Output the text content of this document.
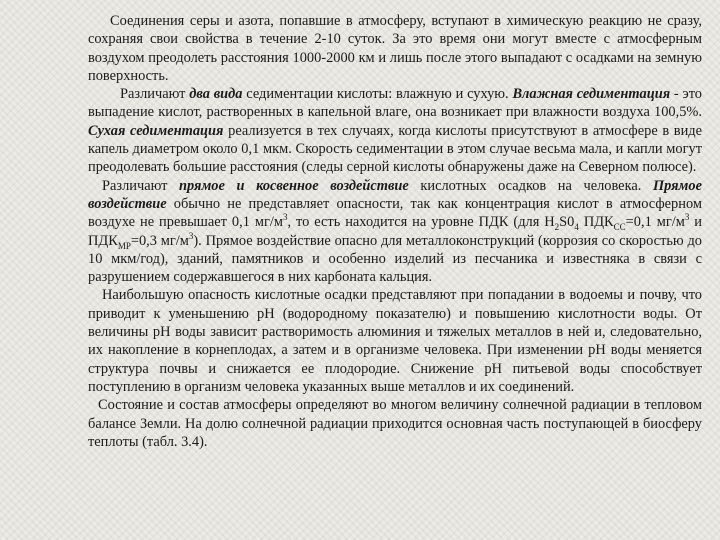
Соединения серы и азота, попавшие в атмосферу, вступают в химическую реакцию не сразу, сохраняя свои свойства в течение 2-10 суток. За это время они могут вместе с атмосферным воздухом преодолеть расстояния 1000-2000 км и лишь после этого выпадают с осадками на земную поверхность.

Различают два вида седиментации кислоты: влажную и сухую. Влажная седиментация - это выпадение кислот, растворенных в капельной влаге, она возникает при влажности воздуха 100,5%. Сухая седиментация реализуется в тех случаях, когда кислоты присутствуют в атмосфере в виде капель диаметром около 0,1 мкм. Скорость седиментации в этом случае весьма мала, и капли могут преодолевать большие расстояния (следы серной кислоты обнаружены даже на Северном полюсе).

Различают прямое и косвенное воздействие кислотных осадков на человека. Прямое воздействие обычно не представляет опасности, так как концентрация кислот в атмосферном воздухе не превышает 0,1 $мг/м^3$, то есть находится на уровне ПДК (для $H_2S0_4$ $ПДК_{СС}=0,1$ $мг/м^3$ и $ПДК_{МР}=0,3$ $мг/м^3$). Прямое воздействие опасно для металлоконструкций (коррозия со скоростью до 10 мкм/год), зданий, памятников и особенно изделий из песчаника и известняка в связи с разрушением содержавшегося в них карбоната кальция.

Наибольшую опасность кислотные осадки представляют при попадании в водоемы и почву, что приводит к уменьшению рН (водородному показателю) и повышению кислотности воды. От величины рН воды зависит растворимость алюминия и тяжелых металлов в ней и, следовательно, их накопление в корнеплодах, а затем и в организме человека. При изменении рН воды меняется структура почвы и снижается ее плодородие. Снижение рН питьевой воды способствует поступлению в организм человека указанных выше металлов и их соединений.

Состояние и состав атмосферы определяют во многом величину солнечной радиации в тепловом балансе Земли. На долю солнечной радиации приходится основная часть поступающей в биосферу теплоты (табл. 3.4).
